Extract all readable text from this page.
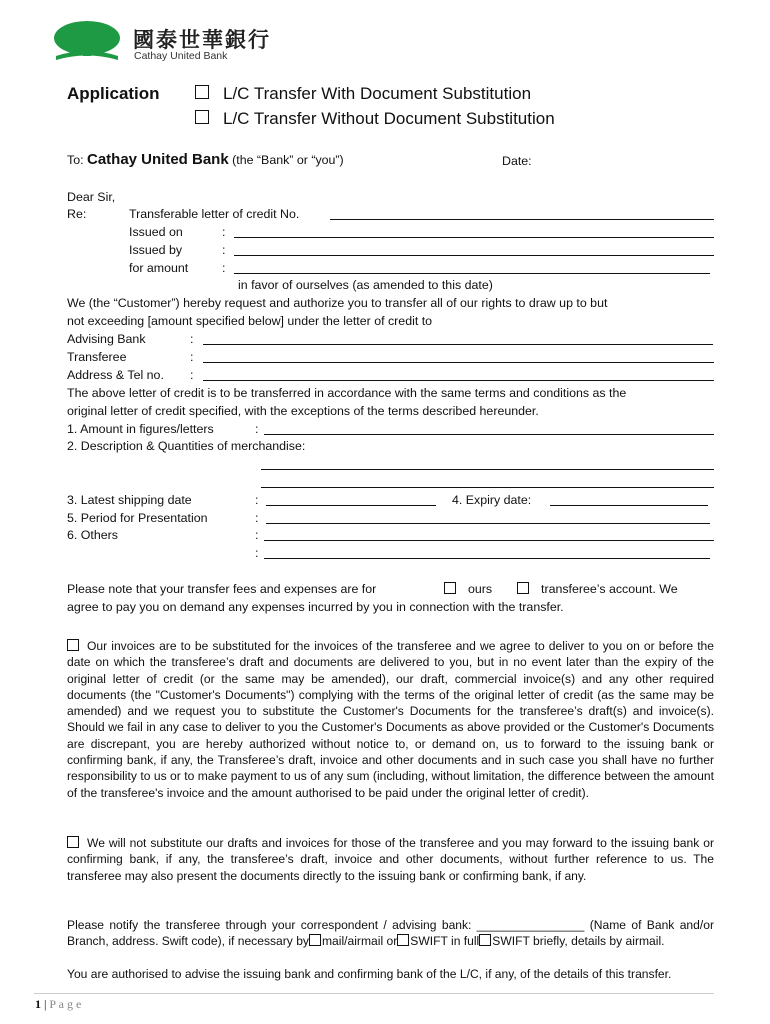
國泰世華銀行
Cathay United Bank
Application	L/C Transfer With Document Substitution
L/C Transfer Without Document Substitution
To: Cathay United Bank (the “Bank” or “you”)	Date:
Dear Sir,
Re:	Transferable letter of credit No.
Issued on	:
Issued by	:
for amount	:
in favor of ourselves (as amended to this date)
We (the “Customer”) hereby request and authorize you to transfer all of our rights to draw up to but
not exceeding [amount specified below] under the letter of credit to
Advising Bank	:
Transferee	:
Address & Tel no. :
The above letter of credit is to be transferred in accordance with the same terms and conditions as the
original letter of credit specified, with the exceptions of the terms described hereunder.
1. Amount in figures/letters	:
2. Description & Quantities of merchandise:
3. Latest shipping date	:	4. Expiry date:
5. Period for Presentation	:
6. Others	:
:
Please note that your transfer fees and expenses are for	ours	transferee’s account. We
agree to pay you on demand any expenses incurred by you in connection with the transfer.
Our invoices are to be substituted for the invoices of the transferee and we agree to deliver to you on or before the date on which the transferee’s draft and documents are delivered to you, but in no event later than the expiry of the original letter of credit (or the same may be amended), our draft, commercial invoice(s) and any other required documents (the "Customer's Documents") complying with the terms of the original letter of credit (as the same may be amended) and we request you to substitute the Customer's Documents for the transferee’s draft(s) and invoice(s). Should we fail in any case to deliver to you the Customer's Documents as above provided or the Customer's Documents are discrepant, you are hereby authorized without notice to, or demand on, us to forward to the issuing bank or confirming bank, if any, the Transferee’s draft, invoice and other documents and in such case you shall have no further responsibility to us or to make payment to us of any sum (including, without limitation, the difference between the amount of the transferee's invoice and the amount authorised to be paid under the original letter of credit).
We will not substitute our drafts and invoices for those of the transferee and you may forward to the issuing bank or confirming bank, if any, the transferee’s draft, invoice and other documents, without further reference to us. The transferee may also present the documents directly to the issuing bank or confirming bank, if any.
Please notify the transferee through your correspondent / advising bank: ________________ (Name of Bank and/or Branch, address. Swift code), if necessary by mail/airmail or SWIFT in full SWIFT briefly, details by airmail.
You are authorised to advise the issuing bank and confirming bank of the L/C, if any, of the details of this transfer.
1 | P a g e
